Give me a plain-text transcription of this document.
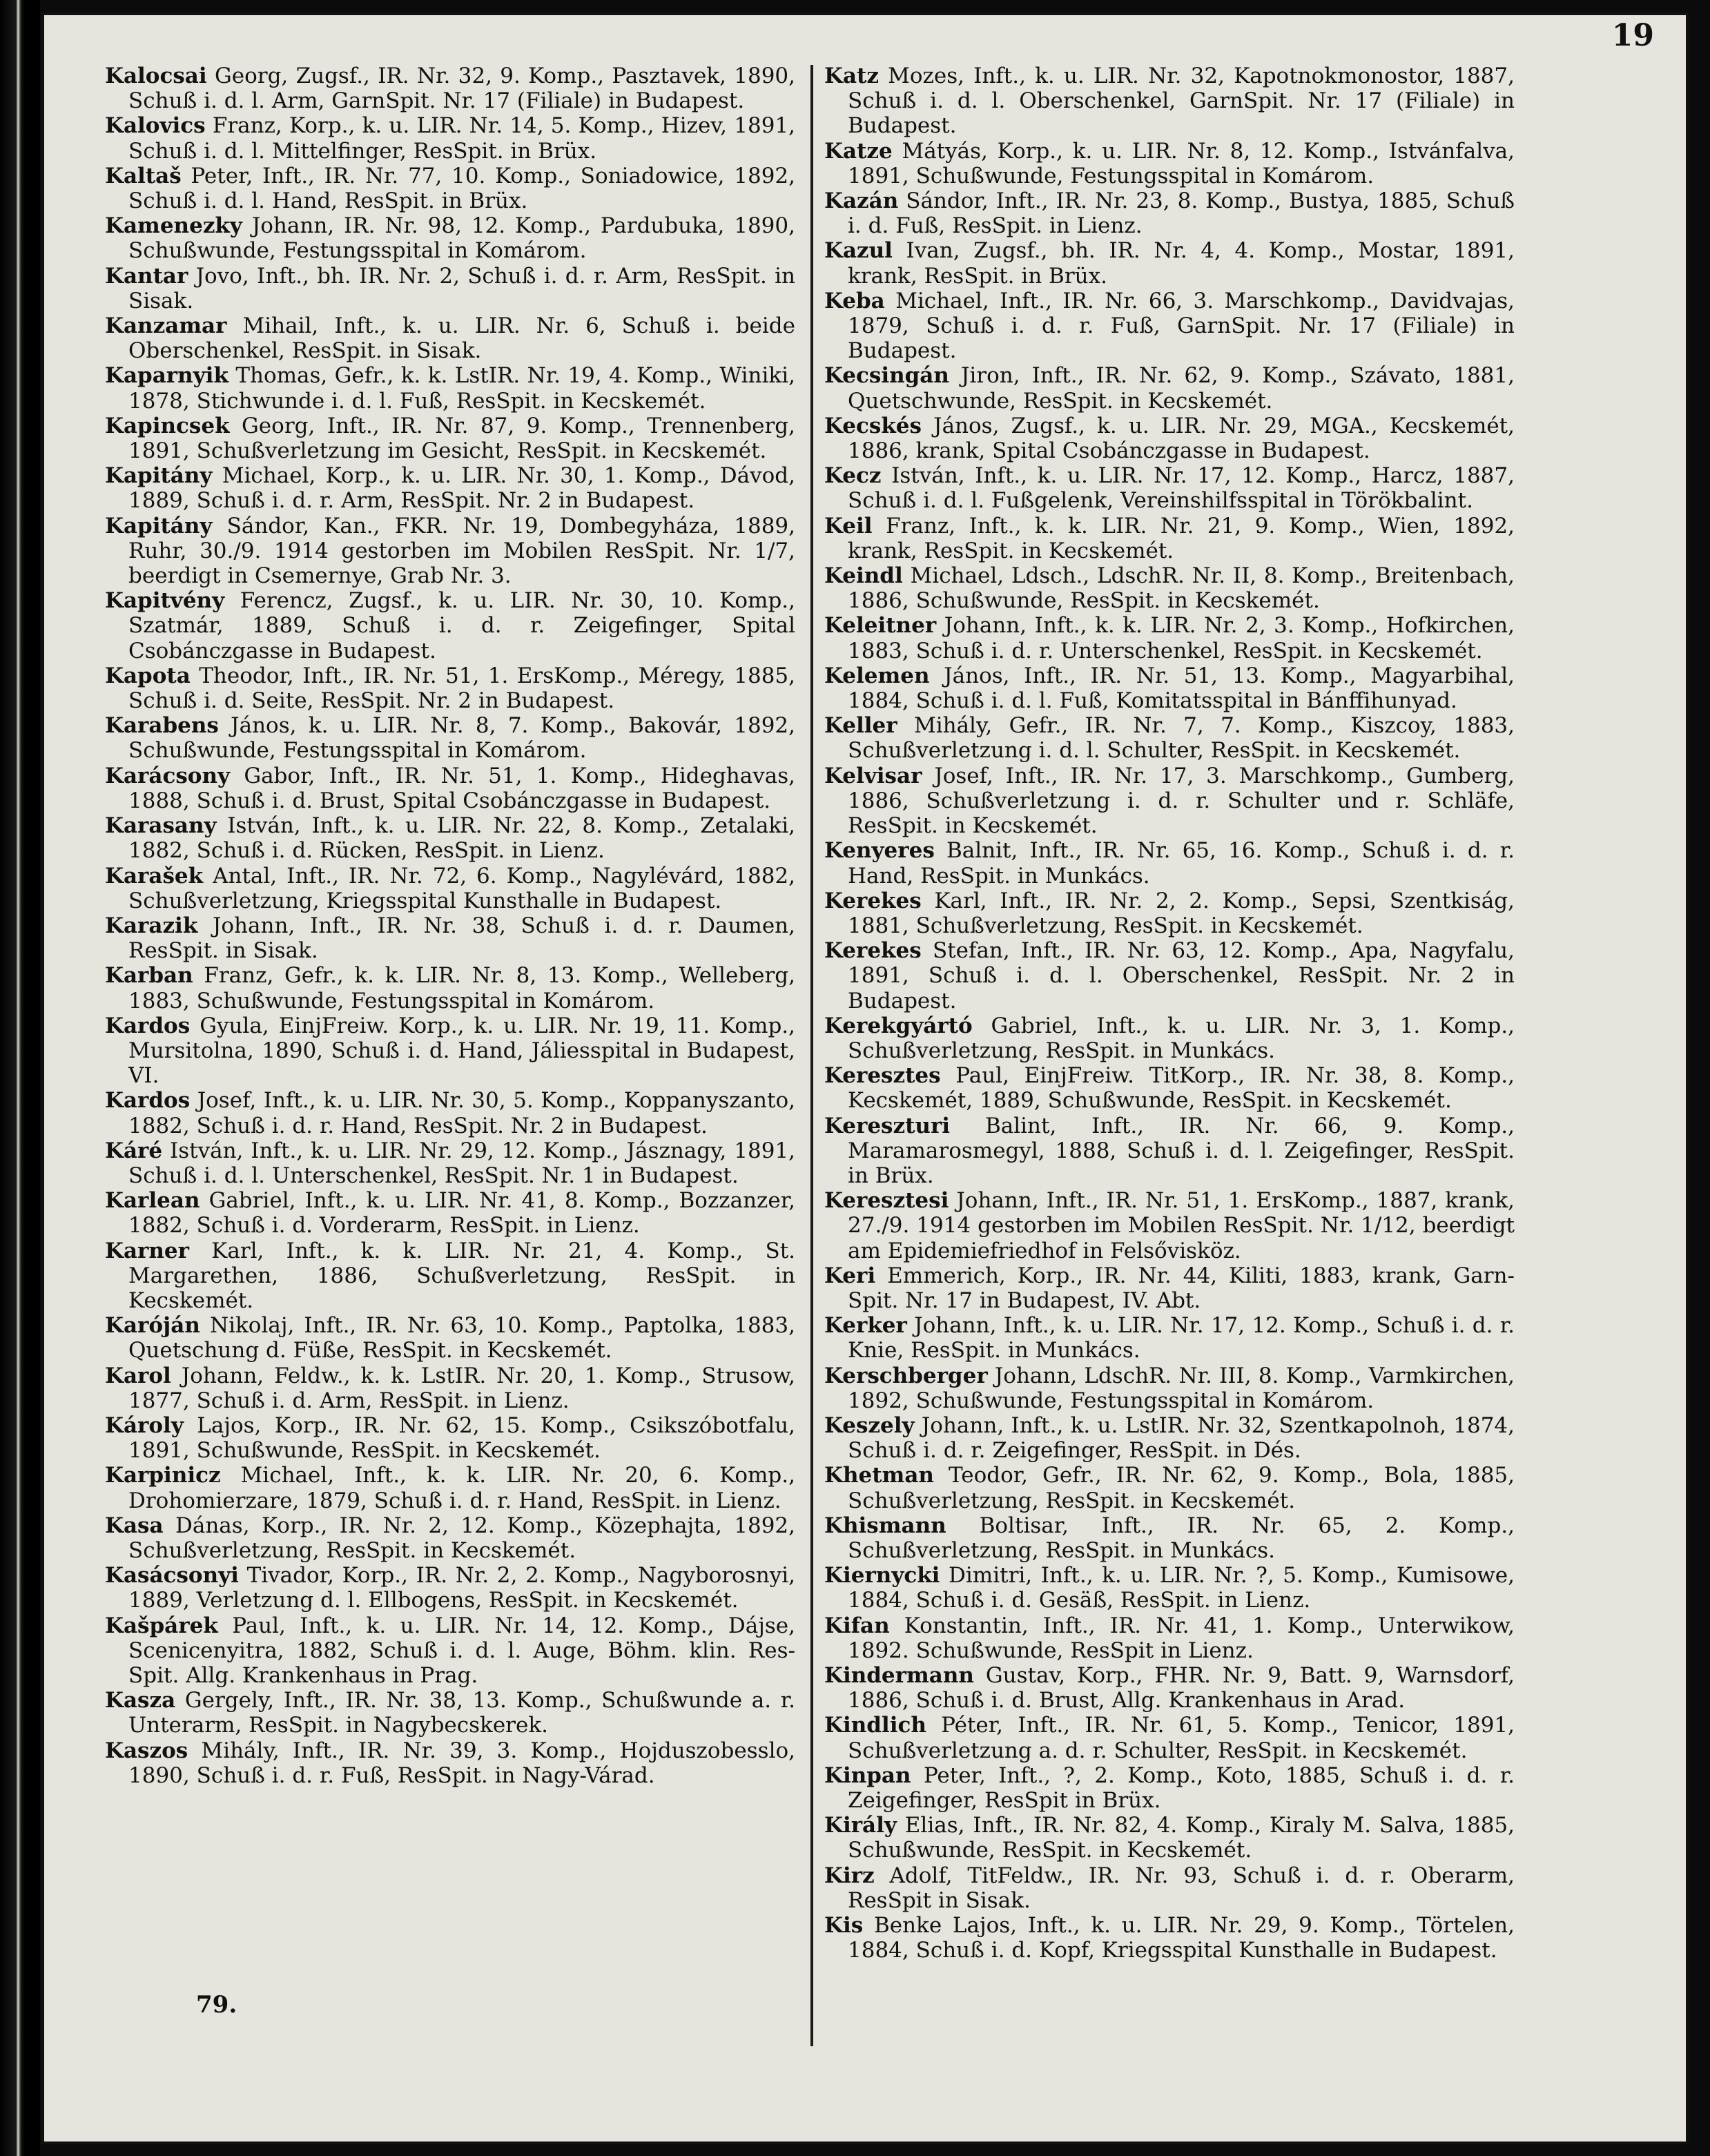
19

Kalocsai Georg, Zugsf., IR. Nr. 32, 9. Komp., Pasztavek, 1890, Schuß i. d. l. Arm, GarnSpit. Nr. 17 (Filiale) in Budapest.

Kalovics Franz, Korp., k. u. LIR. Nr. 14, 5. Komp., Hizev, 1891, Schuß i. d. l. Mittelfinger, ResSpit. in Brüx.

Kaltaš Peter, Inft., IR. Nr. 77, 10. Komp., Soniadowice, 1892, Schuß i. d. l. Hand, ResSpit. in Brüx.

Kamenezky Johann, IR. Nr. 98, 12. Komp., Pardubuka, 1890, Schußwunde, Festungsspital in Komárom.

Kantar Jovo, Inft., bh. IR. Nr. 2, Schuß i. d. r. Arm, ResSpit. in Sisak.

Kanzamar Mihail, Inft., k. u. LIR. Nr. 6, Schuß i. beide Oberschenkel, ResSpit. in Sisak.

Kaparnyik Thomas, Gefr., k. k. LstIR. Nr. 19, 4. Komp., Winiki, 1878, Stichwunde i. d. l. Fuß, ResSpit. in Kecskemét.

Kapincsek Georg, Inft., IR. Nr. 87, 9. Komp., Trennenberg, 1891, Schußverletzung im Gesicht, ResSpit. in Kecskemét.

Kapitány Michael, Korp., k. u. LIR. Nr. 30, 1. Komp., Dávod, 1889, Schuß i. d. r. Arm, ResSpit. Nr. 2 in Budapest.

Kapitány Sándor, Kan., FKR. Nr. 19, Dombegyháza, 1889, Ruhr, 30./9. 1914 gestorben im Mobilen ResSpit. Nr. 1/7, beerdigt in Csemernye, Grab Nr. 3.

Kapitvény Ferencz, Zugsf., k. u. LIR. Nr. 30, 10. Komp., Szatmár, 1889, Schuß i. d. r. Zeigefinger, Spital Csobánczgasse in Budapest.

Kapota Theodor, Inft., IR. Nr. 51, 1. ErsKomp., Méregy, 1885, Schuß i. d. Seite, ResSpit. Nr. 2 in Budapest.

Karabens János, k. u. LIR. Nr. 8, 7. Komp., Bakovár, 1892, Schußwunde, Festungsspital in Komárom.

Karácsony Gabor, Inft., IR. Nr. 51, 1. Komp., Hideghavas, 1888, Schuß i. d. Brust, Spital Csobánczgasse in Budapest.

Karasany István, Inft., k. u. LIR. Nr. 22, 8. Komp., Zetalaki, 1882, Schuß i. d. Rücken, ResSpit. in Lienz.

Karašek Antal, Inft., IR. Nr. 72, 6. Komp., Nagylévárd, 1882, Schußverletzung, Kriegsspital Kunsthalle in Budapest.

Karazik Johann, Inft., IR. Nr. 38, Schuß i. d. r. Daumen, ResSpit. in Sisak.

Karban Franz, Gefr., k. k. LIR. Nr. 8, 13. Komp., Welleberg, 1883, Schußwunde, Festungsspital in Komárom.

Kardos Gyula, EinjFreiw. Korp., k. u. LIR. Nr. 19, 11. Komp., Mursitolna, 1890, Schuß i. d. Hand, Jáliesspital in Budapest, VI.

Kardos Josef, Inft., k. u. LIR. Nr. 30, 5. Komp., Koppanyszanto, 1882, Schuß i. d. r. Hand, ResSpit. Nr. 2 in Budapest.

Káré István, Inft., k. u. LIR. Nr. 29, 12. Komp., Jásznagy, 1891, Schuß i. d. l. Unterschenkel, ResSpit. Nr. 1 in Budapest.

Karlean Gabriel, Inft., k. u. LIR. Nr. 41, 8. Komp., Bozzanzer, 1882, Schuß i. d. Vorderarm, ResSpit. in Lienz.

Karner Karl, Inft., k. k. LIR. Nr. 21, 4. Komp., St. Margarethen, 1886, Schußverletzung, ResSpit. in Kecskemét.

Karóján Nikolaj, Inft., IR. Nr. 63, 10. Komp., Paptolka, 1883, Quetschung d. Füße, ResSpit. in Kecskemét.

Karol Johann, Feldw., k. k. LstIR. Nr. 20, 1. Komp., Strusow, 1877, Schuß i. d. Arm, ResSpit. in Lienz.

Károly Lajos, Korp., IR. Nr. 62, 15. Komp., Csikszóbotfalu, 1891, Schußwunde, ResSpit. in Kecskemét.

Karpinicz Michael, Inft., k. k. LIR. Nr. 20, 6. Komp., Drohomierzare, 1879, Schuß i. d. r. Hand, ResSpit. in Lienz.

Kasa Dánas, Korp., IR. Nr. 2, 12. Komp., Közephajta, 1892, Schußverletzung, ResSpit. in Kecskemét.

Kasácsonyi Tivador, Korp., IR. Nr. 2, 2. Komp., Nagyborosnyi, 1889, Verletzung d. l. Ellbogens, ResSpit. in Kecskemét.

Kašpárek Paul, Inft., k. u. LIR. Nr. 14, 12. Komp., Dájse, Scenicenyitra, 1882, Schuß i. d. l. Auge, Böhm. klin. Res-Spit. Allg. Krankenhaus in Prag.

Kasza Gergely, Inft., IR. Nr. 38, 13. Komp., Schußwunde a. r. Unterarm, ResSpit. in Nagybecskerek.

Kaszos Mihály, Inft., IR. Nr. 39, 3. Komp., Hojduszobesslo, 1890, Schuß i. d. r. Fuß, ResSpit. in Nagy-Várad.

Katz Mozes, Inft., k. u. LIR. Nr. 32, Kapotnokmonostor, 1887, Schuß i. d. l. Oberschenkel, GarnSpit. Nr. 17 (Filiale) in Budapest.

Katze Mátyás, Korp., k. u. LIR. Nr. 8, 12. Komp., Istvánfalva, 1891, Schußwunde, Festungsspital in Komárom.

Kazán Sándor, Inft., IR. Nr. 23, 8. Komp., Bustya, 1885, Schuß i. d. Fuß, ResSpit. in Lienz.

Kazul Ivan, Zugsf., bh. IR. Nr. 4, 4. Komp., Mostar, 1891, krank, ResSpit. in Brüx.

Keba Michael, Inft., IR. Nr. 66, 3. Marschkomp., Davidvajas, 1879, Schuß i. d. r. Fuß, GarnSpit. Nr. 17 (Filiale) in Budapest.

Kecsingán Jiron, Inft., IR. Nr. 62, 9. Komp., Szávato, 1881, Quetschwunde, ResSpit. in Kecskemét.

Kecskés János, Zugsf., k. u. LIR. Nr. 29, MGA., Kecskemét, 1886, krank, Spital Csobánczgasse in Budapest.

Kecz István, Inft., k. u. LIR. Nr. 17, 12. Komp., Harcz, 1887, Schuß i. d. l. Fußgelenk, Vereinshilfsspital in Törökbalint.

Keil Franz, Inft., k. k. LIR. Nr. 21, 9. Komp., Wien, 1892, krank, ResSpit. in Kecskemét.

Keindl Michael, Ldsch., LdschR. Nr. II, 8. Komp., Breitenbach, 1886, Schußwunde, ResSpit. in Kecskemét.

Keleitner Johann, Inft., k. k. LIR. Nr. 2, 3. Komp., Hofkirchen, 1883, Schuß i. d. r. Unterschenkel, ResSpit. in Kecskemét.

Kelemen János, Inft., IR. Nr. 51, 13. Komp., Magyarbihal, 1884, Schuß i. d. l. Fuß, Komitatsspital in Bánffihunyad.

Keller Mihály, Gefr., IR. Nr. 7, 7. Komp., Kiszcoy, 1883, Schußverletzung i. d. l. Schulter, ResSpit. in Kecskemét.

Kelvisar Josef, Inft., IR. Nr. 17, 3. Marschkomp., Gumberg, 1886, Schußverletzung i. d. r. Schulter und r. Schläfe, ResSpit. in Kecskemét.

Kenyeres Balnit, Inft., IR. Nr. 65, 16. Komp., Schuß i. d. r. Hand, ResSpit. in Munkács.

Kerekes Karl, Inft., IR. Nr. 2, 2. Komp., Sepsi, Szentkiság, 1881, Schußverletzung, ResSpit. in Kecskemét.

Kerekes Stefan, Inft., IR. Nr. 63, 12. Komp., Apa, Nagyfalu, 1891, Schuß i. d. l. Oberschenkel, ResSpit. Nr. 2 in Budapest.

Kerekgyártó Gabriel, Inft., k. u. LIR. Nr. 3, 1. Komp., Schußverletzung, ResSpit. in Munkács.

Keresztes Paul, EinjFreiw. TitKorp., IR. Nr. 38, 8. Komp., Kecskemét, 1889, Schußwunde, ResSpit. in Kecskemét.

Kereszturi Balint, Inft., IR. Nr. 66, 9. Komp., Maramarosmegyl, 1888, Schuß i. d. l. Zeigefinger, ResSpit. in Brüx.

Keresztesi Johann, Inft., IR. Nr. 51, 1. ErsKomp., 1887, krank, 27./9. 1914 gestorben im Mobilen ResSpit. Nr. 1/12, beerdigt am Epidemiefriedhof in Felsővisköz.

Keri Emmerich, Korp., IR. Nr. 44, Kiliti, 1883, krank, Garn-Spit. Nr. 17 in Budapest, IV. Abt.

Kerker Johann, Inft., k. u. LIR. Nr. 17, 12. Komp., Schuß i. d. r. Knie, ResSpit. in Munkács.

Kerschberger Johann, LdschR. Nr. III, 8. Komp., Varmkirchen, 1892, Schußwunde, Festungsspital in Komárom.

Keszely Johann, Inft., k. u. LstIR. Nr. 32, Szentkapolnoh, 1874, Schuß i. d. r. Zeigefinger, ResSpit. in Dés.

Khetman Teodor, Gefr., IR. Nr. 62, 9. Komp., Bola, 1885, Schußverletzung, ResSpit. in Kecskemét.

Khismann Boltisar, Inft., IR. Nr. 65, 2. Komp., Schußverletzung, ResSpit. in Munkács.

Kiernycki Dimitri, Inft., k. u. LIR. Nr. ?, 5. Komp., Kumisowe, 1884, Schuß i. d. Gesäß, ResSpit. in Lienz.

Kifan Konstantin, Inft., IR. Nr. 41, 1. Komp., Unterwikow, 1892. Schußwunde, ResSpit in Lienz.

Kindermann Gustav, Korp., FHR. Nr. 9, Batt. 9, Warnsdorf, 1886, Schuß i. d. Brust, Allg. Krankenhaus in Arad.

Kindlich Péter, Inft., IR. Nr. 61, 5. Komp., Tenicor, 1891, Schußverletzung a. d. r. Schulter, ResSpit. in Kecskemét.

Kinpan Peter, Inft., ?, 2. Komp., Koto, 1885, Schuß i. d. r. Zeigefinger, ResSpit in Brüx.

Király Elias, Inft., IR. Nr. 82, 4. Komp., Kiraly M. Salva, 1885, Schußwunde, ResSpit. in Kecskemét.

Kirz Adolf, TitFeldw., IR. Nr. 93, Schuß i. d. r. Oberarm, ResSpit in Sisak.

Kis Benke Lajos, Inft., k. u. LIR. Nr. 29, 9. Komp., Törtelen, 1884, Schuß i. d. Kopf, Kriegsspital Kunsthalle in Budapest.

79.
